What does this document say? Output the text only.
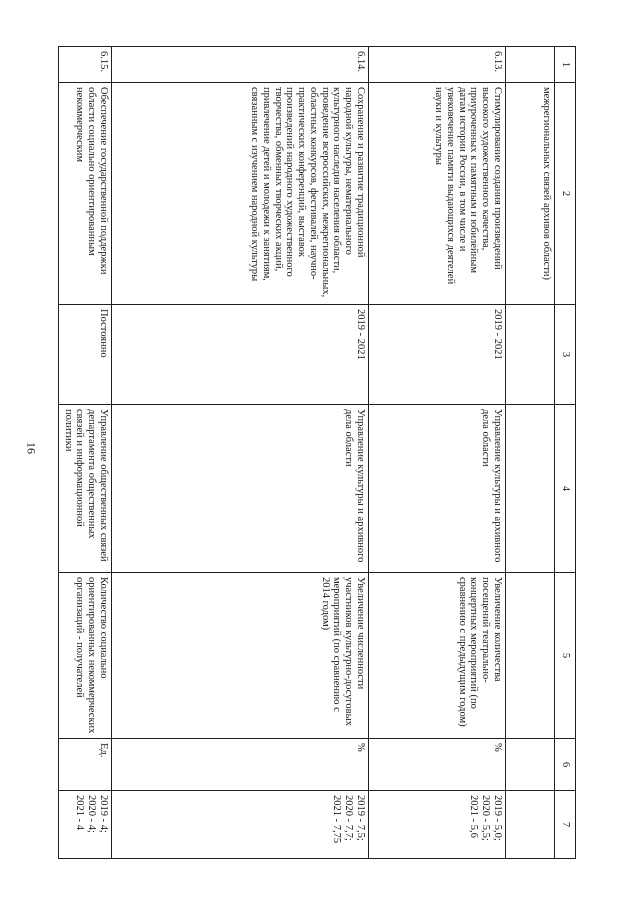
16
1	2	3	4	5	6	7
	межрегиональных связей архивов области)					
6.13.	Стимулирование создания произведений высокого художественного качества, приуроченных к памятным и юбилейным датам истории России, в том числе и увековечение памяти выдающихся деятелей науки и культуры	2019 - 2021	Управление культуры и архивного дела области	Увеличение количества посещений театрально-концертных мероприятий (по сравнению с предыдущим годом)	%	2019 - 5,0; 2020 - 5,5; 2021 - 5,6
6.14.	Сохранение и развитие традиционной народной культуры, нематериального культурного наследия населения области, проведение всероссийских, межрегиональных, областных конкурсов, фестивалей, научно-практических конференций, выставок произведений народного художественного творчества, обменных творческих акций, привлечение детей и молодежи к занятиям, связанным с изучением народной культуры	2019 - 2021	Управление культуры и архивного дела области	Увеличение численности участников культурно-досуговых мероприятий (по сравнению с 2014 годом)	%	2019 - 7,5; 2020 - 7,7; 2021 - 7,75
6.15.	Обеспечение государственной поддержки области социально ориентированным некоммерческим	Постоянно	Управление общественных связей департамента общественных связей и информационной политики	Количество социально ориентированных некоммерческих организаций - получателей	Ед.	2019 - 4; 2020 - 4; 2021 - 4
